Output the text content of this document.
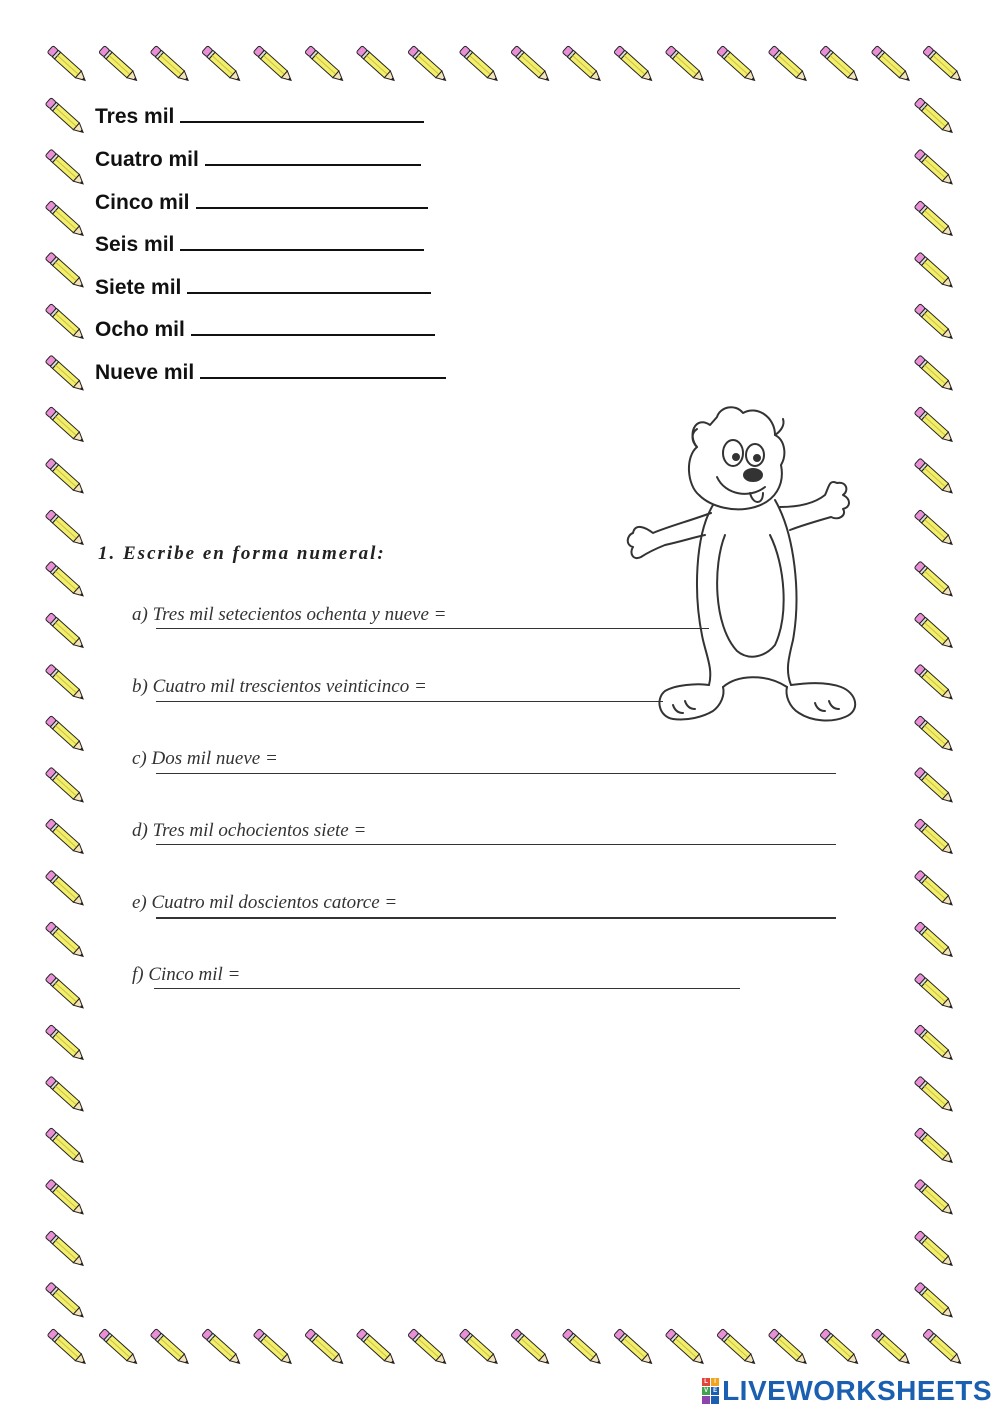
Tres mil
Cuatro mil
Cinco mil
Seis mil
Siete mil
Ocho mil
Nueve mil
1. Escribe en forma numeral:
a) Tres mil setecientos ochenta y nueve =
b) Cuatro mil trescientos veinticinco =
c) Dos mil nueve =
d) Tres mil ochocientos siete =
e) Cuatro mil doscientos catorce =
f) Cinco mil =
L	I
V E LIVEWORKSHEETS
